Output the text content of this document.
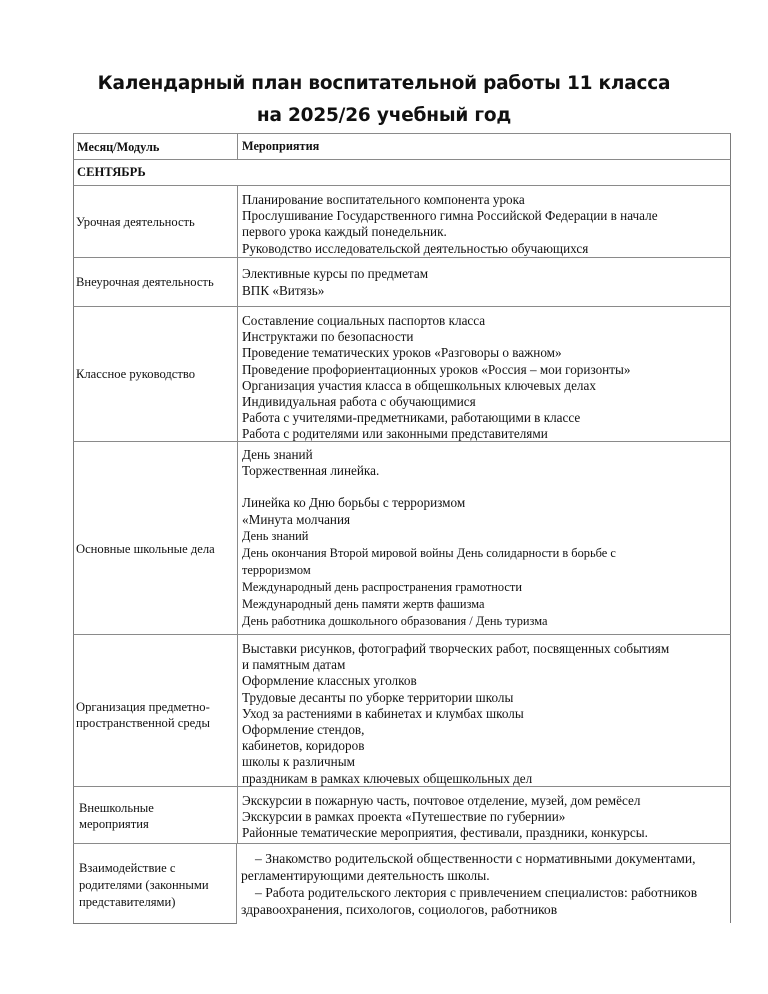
Календарный план воспитательной работы 11 класса
на 2025/26 учебный год
Месяц/Модуль	Мероприятия
СЕНТЯБРЬ
Урочная деятельность
Планирование воспитательного компонента урока
Прослушивание Государственного гимна Российской Федерации в начале
первого урока каждый понедельник.
Руководство исследовательской деятельностью обучающихся
Внеурочная деятельность
Элективные курсы по предметам
ВПК «Витязь»
Классное руководство
Составление социальных паспортов класса
Инструктажи по безопасности
Проведение тематических уроков «Разговоры о важном»
Проведение профориентационных уроков «Россия – мои горизонты»
Организация участия класса в общешкольных ключевых делах
Индивидуальная работа с обучающимися
Работа с учителями-предметниками, работающими в классе
Работа с родителями или законными представителями
Основные школьные дела
День знаний
Торжественная линейка.
Линейка ко Дню борьбы с терроризмом
«Минута молчания
День знаний
День окончания Второй мировой войны День солидарности в борьбе с
терроризмом
Международный день распространения грамотности
Международный день памяти жертв фашизма
День работника дошкольного образования / День туризма
Организация предметно-
пространственной среды
Выставки рисунков, фотографий творческих работ, посвященных событиям
и памятным датам
Оформление классных уголков
Трудовые десанты по уборке территории школы
Уход за растениями в кабинетах и клумбах школы
Оформление стендов,
кабинетов, коридоров
школы к различным
праздникам в рамках ключевых общешкольных дел
Внешкольные
мероприятия
Экскурсии в пожарную часть, почтовое отделение, музей, дом ремёсел
Экскурсии в рамках проекта «Путешествие по губернии»
Районные тематические мероприятия, фестивали, праздники, конкурсы.
Взаимодействие с
родителями (законными
представителями)
– Знакомство родительской общественности с нормативными документами, регламентирующими деятельность школы.
– Работа родительского лектория с привлечением специалистов: работников здравоохранения, психологов, социологов, работников
